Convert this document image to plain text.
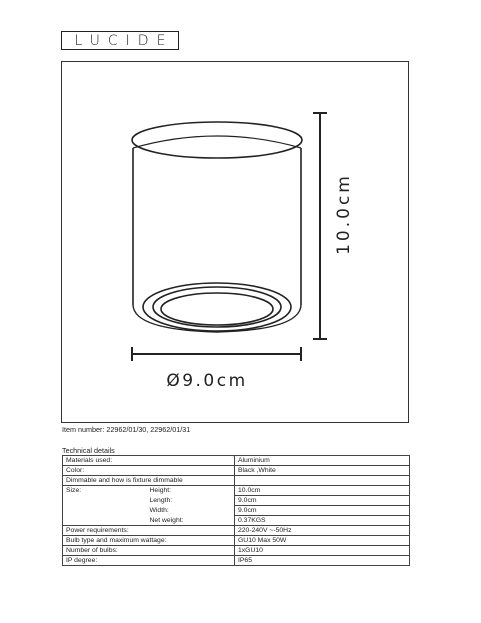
LUCIDE
10.0cm
Ø9.0cm
Item number: 22962/01/30, 22962/01/31
Technical details
Materials used:		Aluminium
Color:		Black ,White
Dimmable and how is fixture dimmable		
Size:	Height:	10.0cm
	Length:	9.0cm
	Width:	9.0cm
	Net weight:	0.37KGS
Power requirements:		220-240V ~-50Hz
Bulb type and maximum wattage:		GU10 Max 50W
Number of bulbs:		1xGU10
IP degree:		IP65
